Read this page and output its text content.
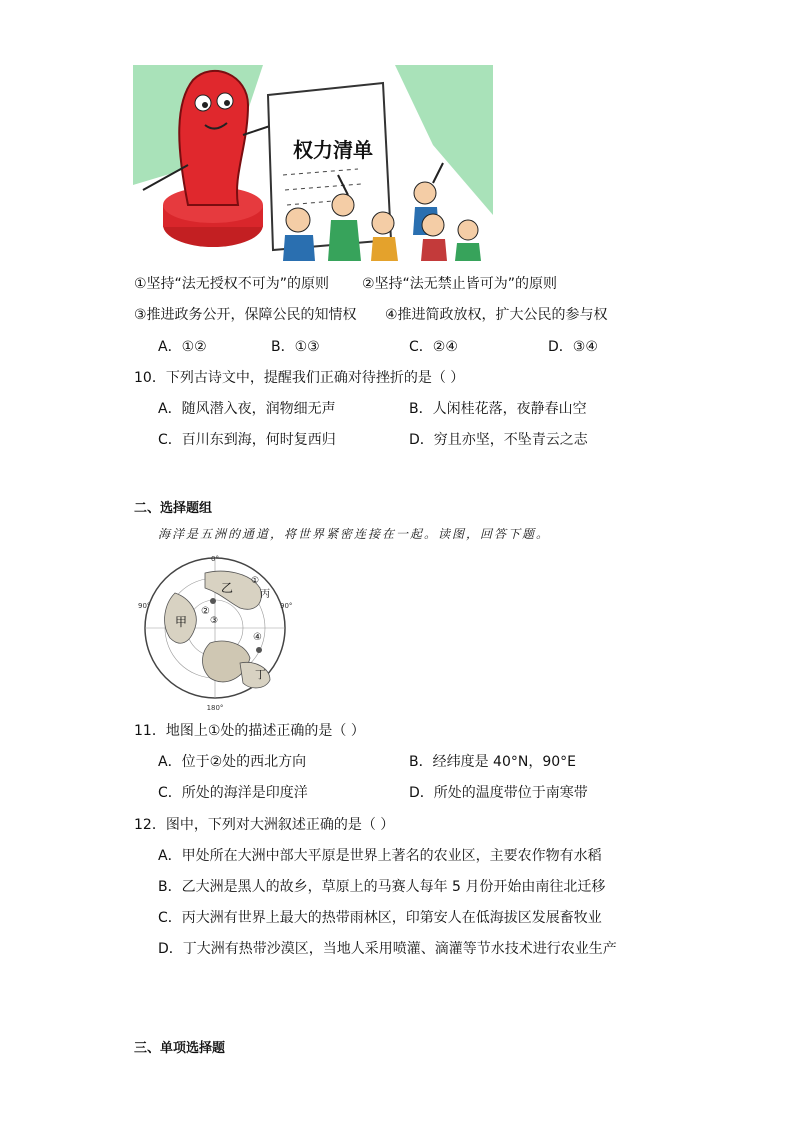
权力清单
①坚持“法无授权不可为”的原则 ②坚持“法无禁止皆可为”的原则
③推进政务公开，保障公民的知情权 ④推进简政放权，扩大公民的参与权
A．①②	B．①③	C．②④	D．③④
10．下列古诗文中，提醒我们正确对待挫折的是（ ）
A．随风潜入夜，润物细无声	B．人闲桂花落，夜静春山空
C．百川东到海，何时复西归	D．穷且亦坚，不坠青云之志
二、选择题组
海洋是五洲的通道，将世界紧密连接在一起。读图，回答下题。
0°
180°
90°	90°
甲
乙	丙
丁
①
②
③
④
11．地图上①处的描述正确的是（ ）
A．位于②处的西北方向	B．经纬度是 40°N，90°E
C．所处的海洋是印度洋	D．所处的温度带位于南寒带
12．图中，下列对大洲叙述正确的是（ ）
A．甲处所在大洲中部大平原是世界上著名的农业区，主要农作物有水稻
B．乙大洲是黑人的故乡，草原上的马赛人每年 5 月份开始由南往北迁移
C．丙大洲有世界上最大的热带雨林区，印第安人在低海拔区发展畜牧业
D．丁大洲有热带沙漠区，当地人采用喷灌、滴灌等节水技术进行农业生产
三、单项选择题
